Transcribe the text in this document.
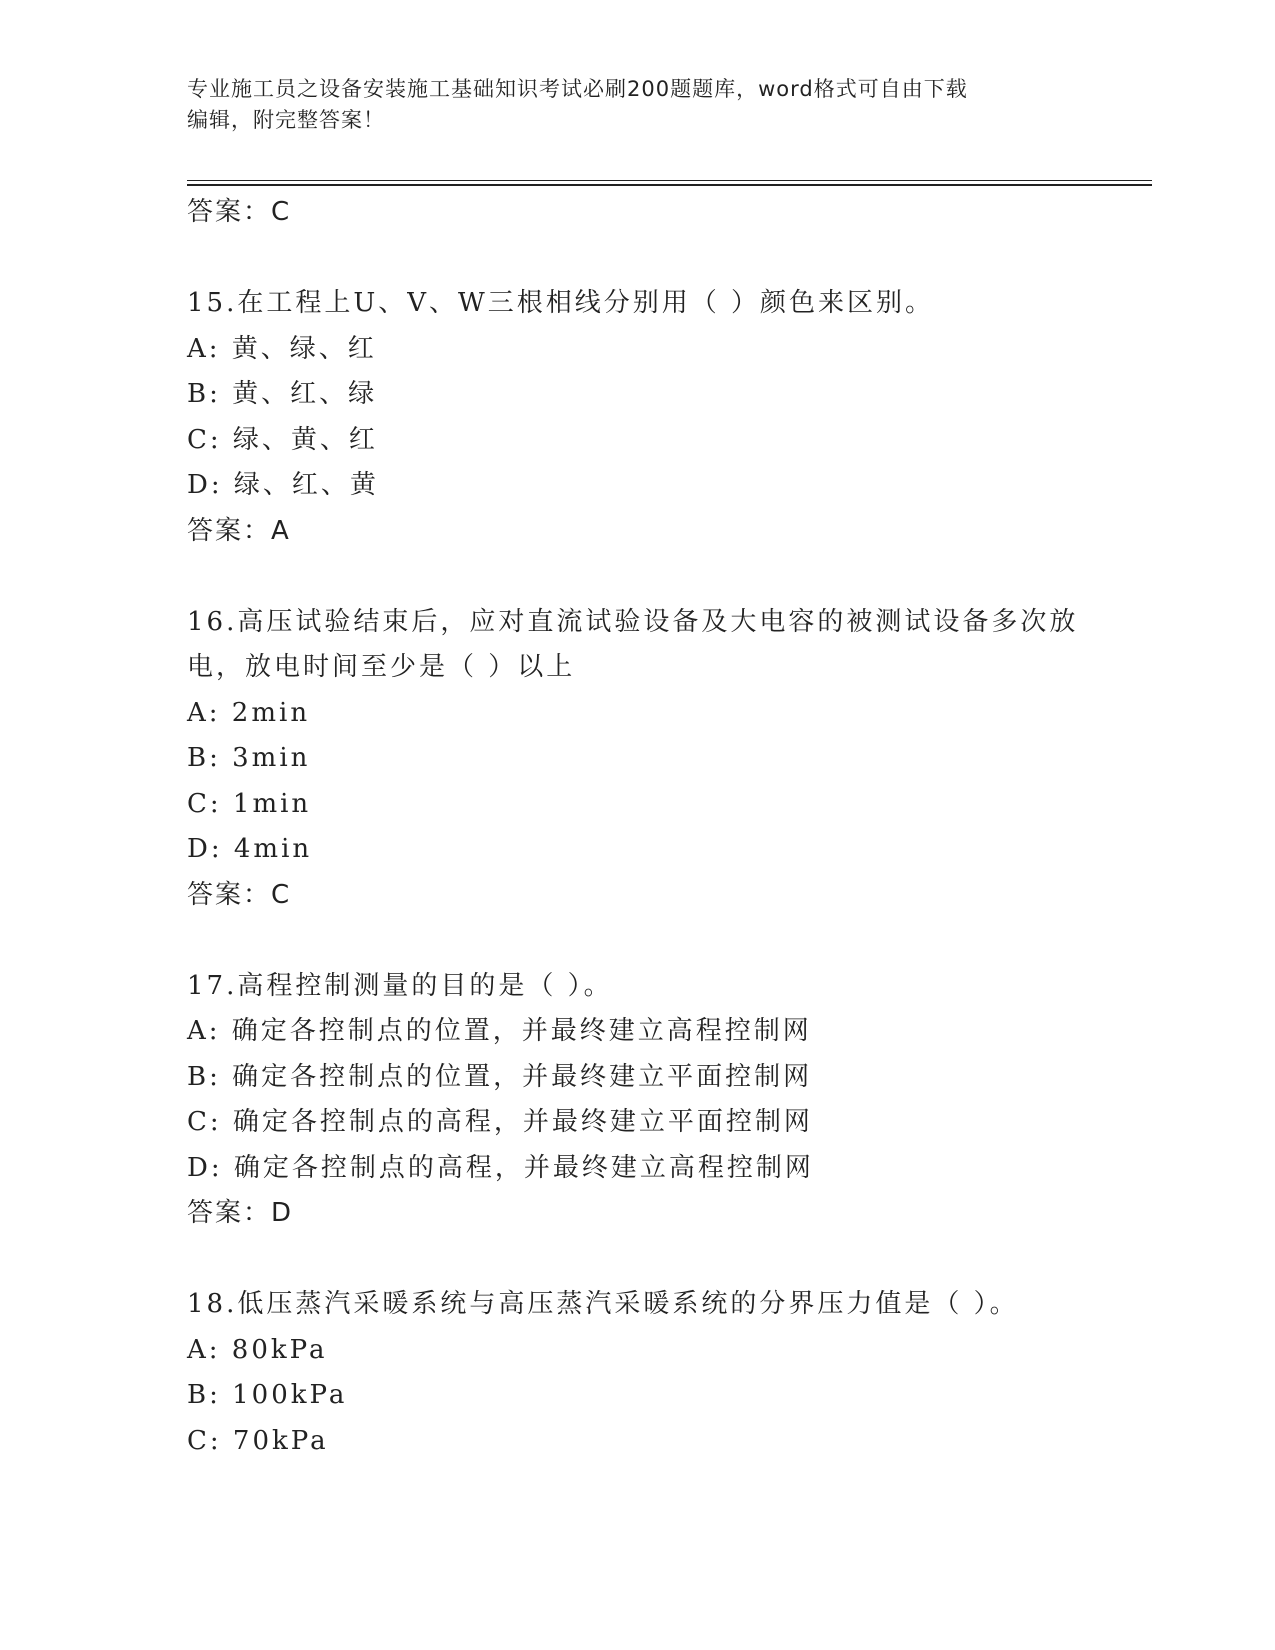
专业施工员之设备安装施工基础知识考试必刷200题题库，word格式可自由下载
编辑，附完整答案！
答案：C
15.在工程上U、V、W三根相线分别用（ ）颜色来区别。
A: 黄、绿、红
B: 黄、红、绿
C: 绿、黄、红
D: 绿、红、黄
答案：A
16.高压试验结束后，应对直流试验设备及大电容的被测试设备多次放
电，放电时间至少是（ ）以上
A: 2min
B: 3min
C: 1min
D: 4min
答案：C
17.高程控制测量的目的是（ ）。
A: 确定各控制点的位置，并最终建立高程控制网
B: 确定各控制点的位置，并最终建立平面控制网
C: 确定各控制点的高程，并最终建立平面控制网
D: 确定各控制点的高程，并最终建立高程控制网
答案：D
18.低压蒸汽采暖系统与高压蒸汽采暖系统的分界压力值是（ ）。
A: 80kPa
B: 100kPa
C: 70kPa
